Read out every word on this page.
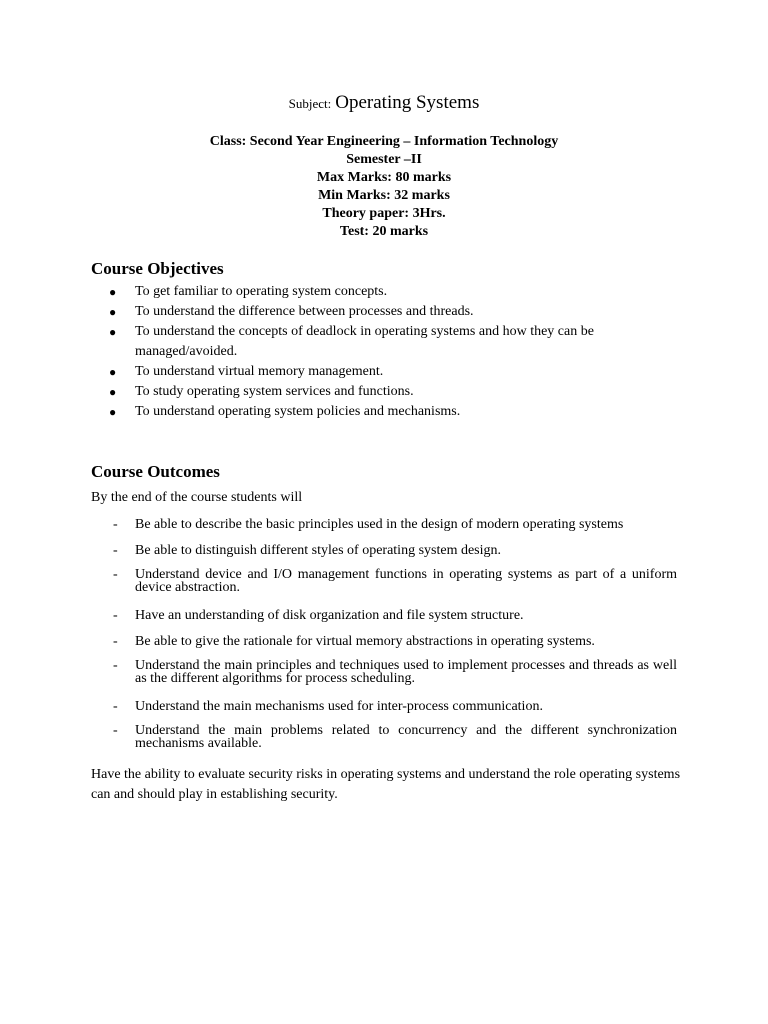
Subject: Operating Systems
Class: Second Year Engineering – Information Technology
Semester –II
Max Marks: 80 marks
Min Marks: 32 marks
Theory paper: 3Hrs.
Test: 20 marks
Course Objectives
● To get familiar to operating system concepts.
● To understand the difference between processes and threads.
● To understand the concepts of deadlock in operating systems and how they can be managed/avoided.
● To understand virtual memory management.
● To study operating system services and functions.
● To understand operating system policies and mechanisms.
Course Outcomes
By the end of the course students will
- Be able to describe the basic principles used in the design of modern operating systems
- Be able to distinguish different styles of operating system design.
- Understand device and I/O management functions in operating systems as part of a uniform device abstraction.
- Have an understanding of disk organization and file system structure.
- Be able to give the rationale for virtual memory abstractions in operating systems.
- Understand the main principles and techniques used to implement processes and threads as well as the different algorithms for process scheduling.
- Understand the main mechanisms used for inter-process communication.
- Understand the main problems related to concurrency and the different synchronization mechanisms available.
Have the ability to evaluate security risks in operating systems and understand the role operating systems can and should play in establishing security.
